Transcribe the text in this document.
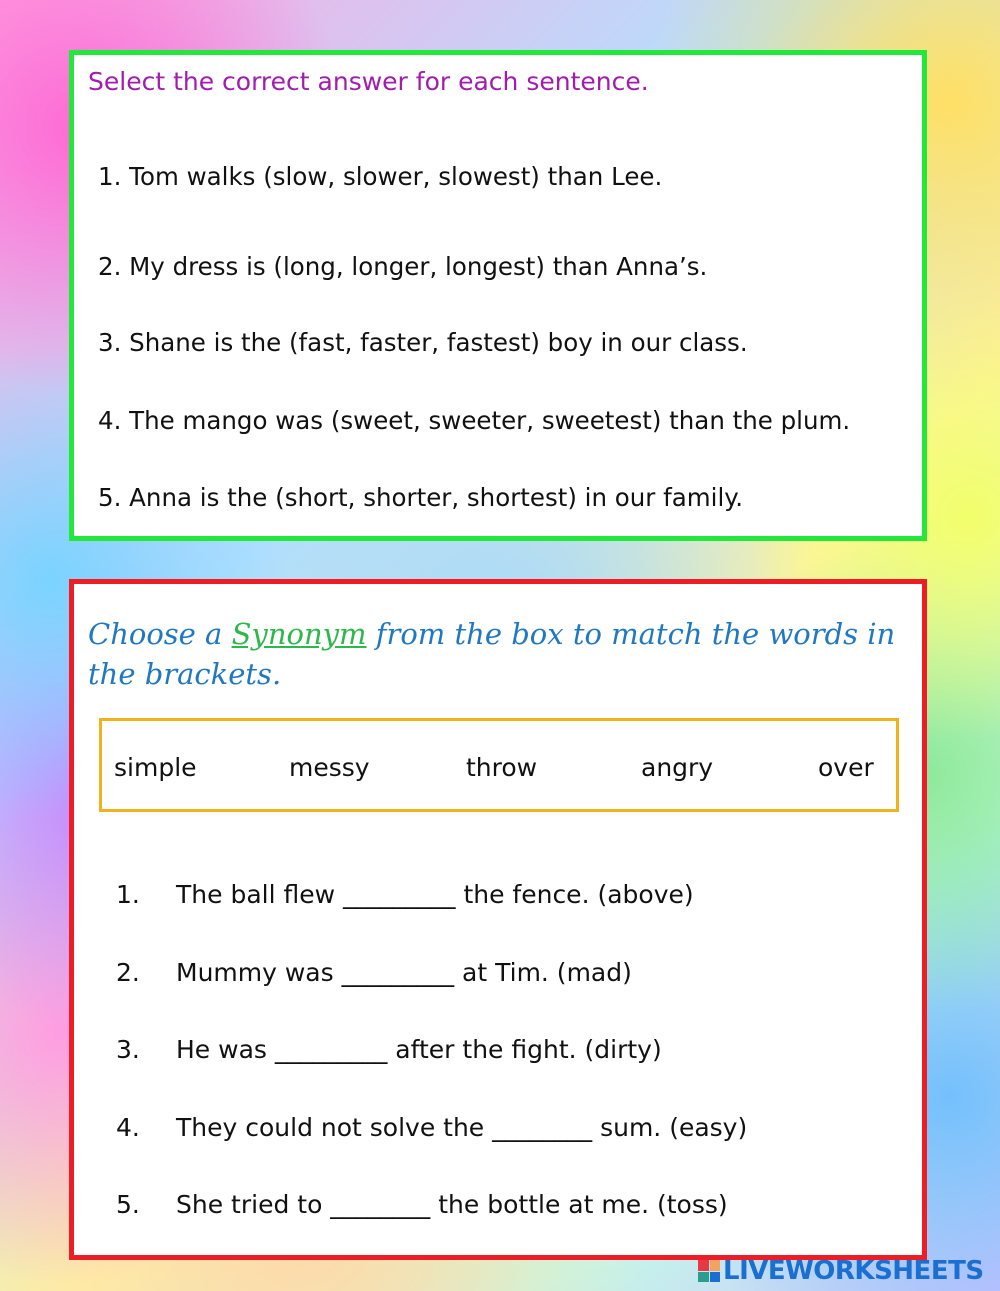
Select the correct answer for each sentence.
1. Tom walks (slow, slower, slowest) than Lee.
2. My dress is (long, longer, longest) than Anna’s.
3. Shane is the (fast, faster, fastest) boy in our class.
4. The mango was (sweet, sweeter, sweetest) than the plum.
5. Anna is the (short, shorter, shortest) in our family.
Choose a Synonym from the box to match the words in the brackets.
simple	messy	throw	angry	over
1. The ball flew _________ the fence. (above)
2. Mummy was _________ at Tim. (mad)
3. He was _________ after the fight. (dirty)
4. They could not solve the ________ sum. (easy)
5. She tried to ________ the bottle at me. (toss)
LIVEWORKSHEETS
